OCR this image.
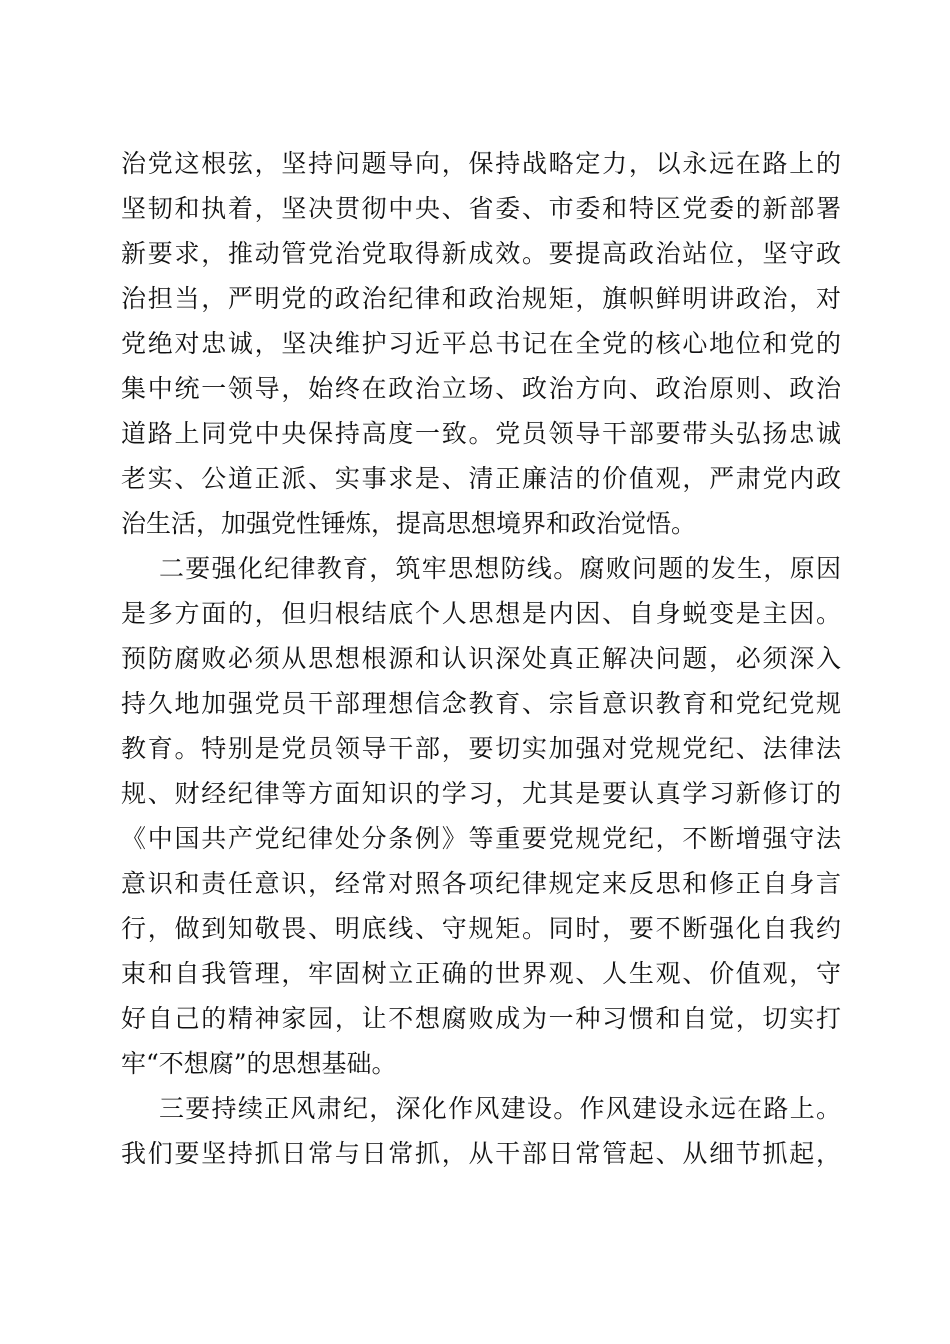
治党这根弦，坚持问题导向，保持战略定力，以永远在路上的
坚韧和执着，坚决贯彻中央、省委、市委和特区党委的新部署
新要求，推动管党治党取得新成效。要提高政治站位，坚守政
治担当，严明党的政治纪律和政治规矩，旗帜鲜明讲政治，对
党绝对忠诚，坚决维护习近平总书记在全党的核心地位和党的
集中统一领导，始终在政治立场、政治方向、政治原则、政治
道路上同党中央保持高度一致。党员领导干部要带头弘扬忠诚
老实、公道正派、实事求是、清正廉洁的价值观，严肃党内政
治生活，加强党性锤炼，提高思想境界和政治觉悟。
二要强化纪律教育，筑牢思想防线。腐败问题的发生，原因
是多方面的，但归根结底个人思想是内因、自身蜕变是主因。
预防腐败必须从思想根源和认识深处真正解决问题，必须深入
持久地加强党员干部理想信念教育、宗旨意识教育和党纪党规
教育。特别是党员领导干部，要切实加强对党规党纪、法律法
规、财经纪律等方面知识的学习，尤其是要认真学习新修订的
《中国共产党纪律处分条例》等重要党规党纪，不断增强守法
意识和责任意识，经常对照各项纪律规定来反思和修正自身言
行，做到知敬畏、明底线、守规矩。同时，要不断强化自我约
束和自我管理，牢固树立正确的世界观、人生观、价值观，守
好自己的精神家园，让不想腐败成为一种习惯和自觉，切实打
牢“不想腐”的思想基础。
三要持续正风肃纪，深化作风建设。作风建设永远在路上。
我们要坚持抓日常与日常抓，从干部日常管起、从细节抓起，
